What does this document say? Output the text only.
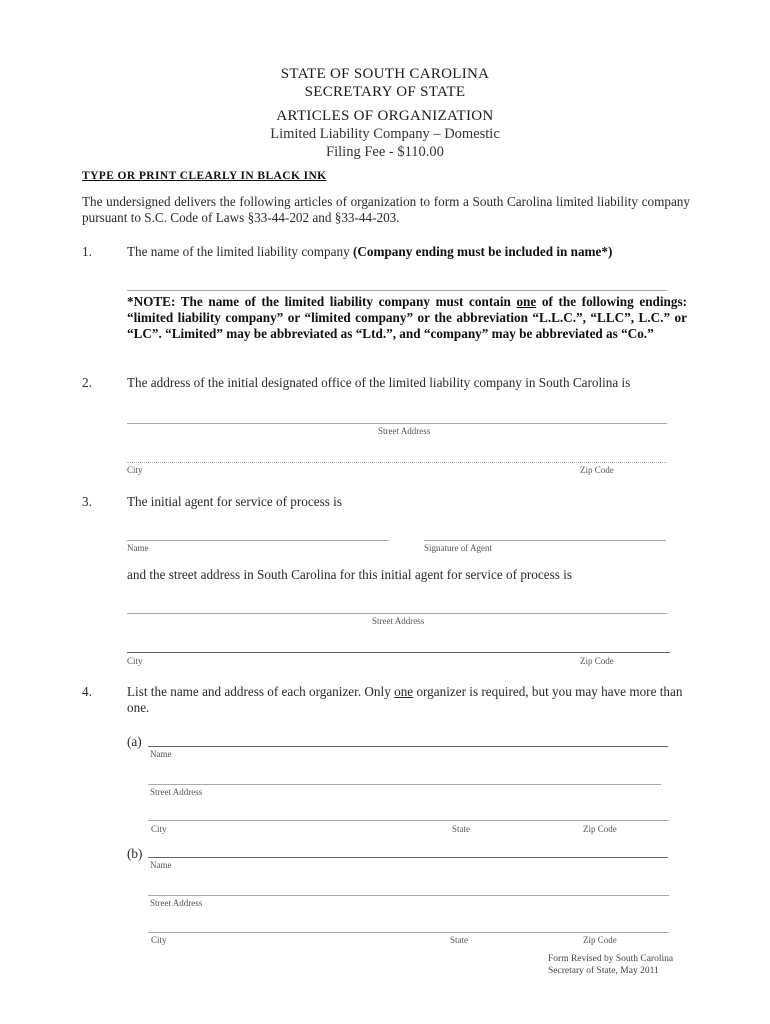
STATE OF SOUTH CAROLINA
SECRETARY OF STATE
ARTICLES OF ORGANIZATION
Limited Liability Company – Domestic
Filing Fee - $110.00
TYPE OR PRINT CLEARLY IN BLACK INK
The undersigned delivers the following articles of organization to form a South Carolina limited liability company pursuant to S.C. Code of Laws §33-44-202 and §33-44-203.
1.	The name of the limited liability company (Company ending must be included in name*)
*NOTE: The name of the limited liability company must contain one of the following endings: “limited liability company” or “limited company” or the abbreviation “L.L.C.”, “LLC”, L.C.” or “LC”. “Limited” may be abbreviated as “Ltd.”, and “company” may be abbreviated as “Co.”
2.	The address of the initial designated office of the limited liability company in South Carolina is
Street Address
City	Zip Code
3.	The initial agent for service of process is
Name	Signature of Agent
and the street address in South Carolina for this initial agent for service of process is
Street Address
City	Zip Code
4.	List the name and address of each organizer. Only one organizer is required, but you may have more than one.
(a)
Name
Street Address
City	State	Zip Code
(b)
Name
Street Address
City	State	Zip Code
Form Revised by South Carolina
Secretary of State, May 2011
